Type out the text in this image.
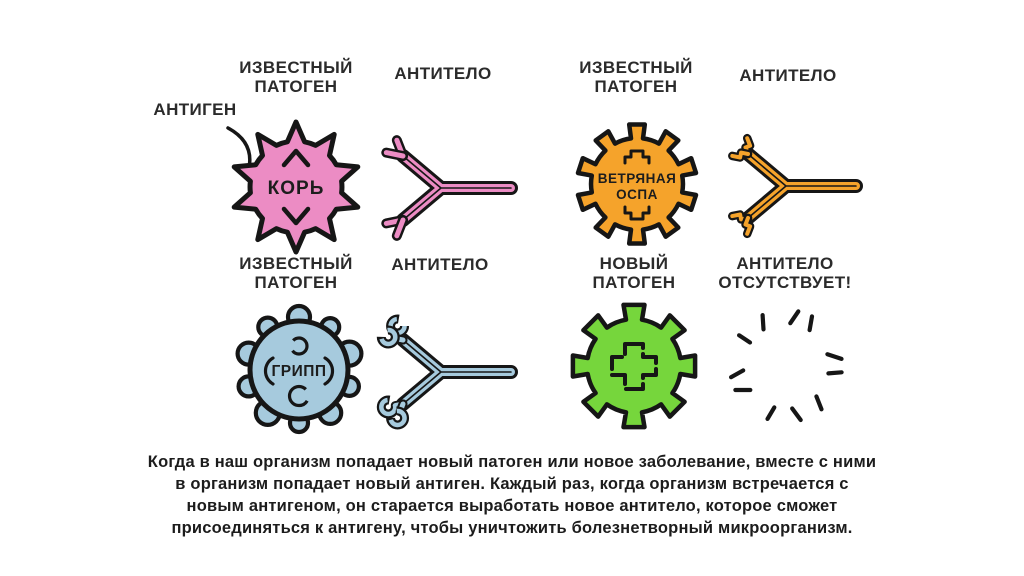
ИЗВЕСТНЫЙ
ПАТОГЕН
АНТИГЕН
КОРЬ
АНТИТЕЛО	ИЗВЕСТНЫЙ
ПАТОГЕН
ВЕТРЯНАЯ
ОСПА
АНТИТЕЛО
ИЗВЕСТНЫЙ
ПАТОГЕН
ГРИПП
АНТИТЕЛО	НОВЫЙ
ПАТОГЕН
АНТИТЕЛО
ОТСУТСТВУЕТ!
Когда в наш организм попадает новый патоген или новое заболевание, вместе с ними
в организм попадает новый антиген. Каждый раз, когда организм встречается с
новым антигеном, он старается выработать новое антитело, которое сможет
присоединяться к антигену, чтобы уничтожить болезнетворный микроорганизм.
